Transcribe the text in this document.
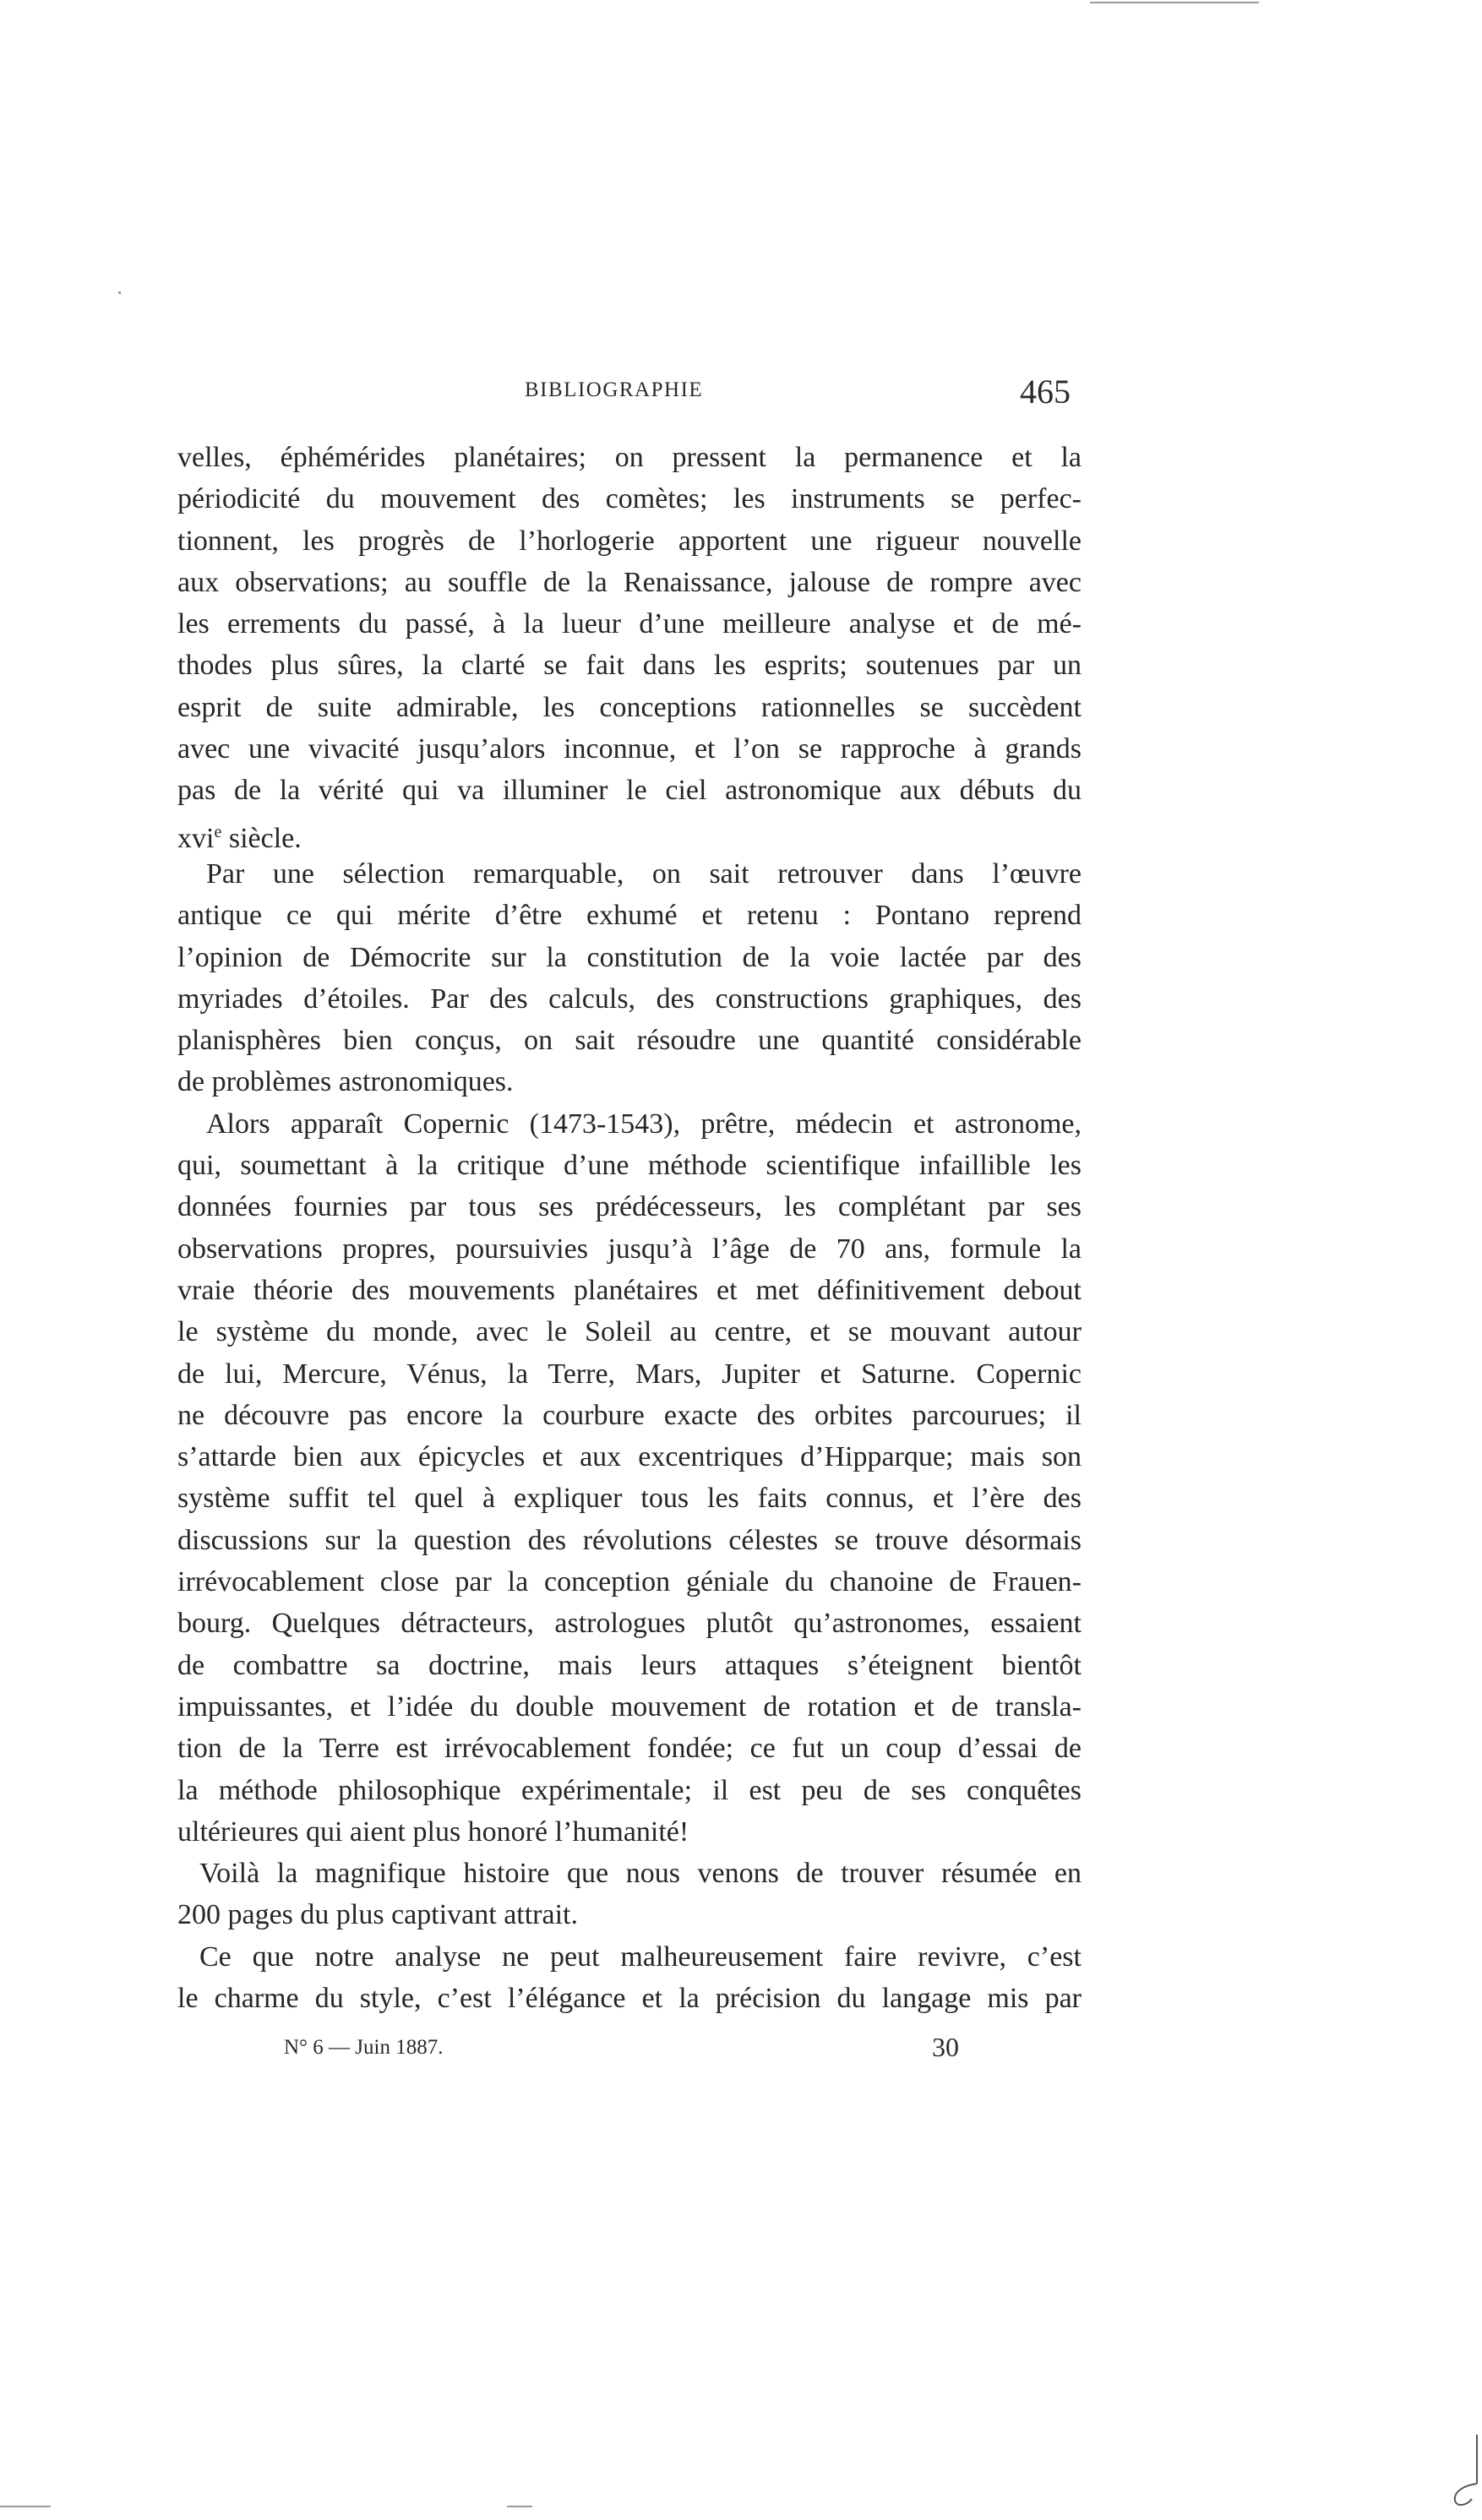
BIBLIOGRAPHIE	465
velles, éphémérides planétaires; on pressent la permanence et la
périodicité du mouvement des comètes; les instruments se perfec-
tionnent, les progrès de l’horlogerie apportent une rigueur nouvelle
aux observations; au souffle de la Renaissance, jalouse de rompre avec
les errements du passé, à la lueur d’une meilleure analyse et de mé-
thodes plus sûres, la clarté se fait dans les esprits; soutenues par un
esprit de suite admirable, les conceptions rationnelles se succèdent
avec une vivacité jusqu’alors inconnue, et l’on se rapproche à grands
pas de la vérité qui va illuminer le ciel astronomique aux débuts du
xvi$^e$ siècle.
Par une sélection remarquable, on sait retrouver dans l’œuvre
antique ce qui mérite d’être exhumé et retenu : Pontano reprend
l’opinion de Démocrite sur la constitution de la voie lactée par des
myriades d’étoiles. Par des calculs, des constructions graphiques, des
planisphères bien conçus, on sait résoudre une quantité considérable
de problèmes astronomiques.
Alors apparaît Copernic (1473-1543), prêtre, médecin et astronome,
qui, soumettant à la critique d’une méthode scientifique infaillible les
données fournies par tous ses prédécesseurs, les complétant par ses
observations propres, poursuivies jusqu’à l’âge de 70 ans, formule la
vraie théorie des mouvements planétaires et met définitivement debout
le système du monde, avec le Soleil au centre, et se mouvant autour
de lui, Mercure, Vénus, la Terre, Mars, Jupiter et Saturne. Copernic
ne découvre pas encore la courbure exacte des orbites parcourues; il
s’attarde bien aux épicycles et aux excentriques d’Hipparque; mais son
système suffit tel quel à expliquer tous les faits connus, et l’ère des
discussions sur la question des révolutions célestes se trouve désormais
irrévocablement close par la conception géniale du chanoine de Frauen-
bourg. Quelques détracteurs, astrologues plutôt qu’astronomes, essaient
de combattre sa doctrine, mais leurs attaques s’éteignent bientôt
impuissantes, et l’idée du double mouvement de rotation et de transla-
tion de la Terre est irrévocablement fondée; ce fut un coup d’essai de
la méthode philosophique expérimentale; il est peu de ses conquêtes
ultérieures qui aient plus honoré l’humanité!
Voilà la magnifique histoire que nous venons de trouver résumée en
200 pages du plus captivant attrait.
Ce que notre analyse ne peut malheureusement faire revivre, c’est
le charme du style, c’est l’élégance et la précision du langage mis par
N° 6 — Juin 1887.	30
